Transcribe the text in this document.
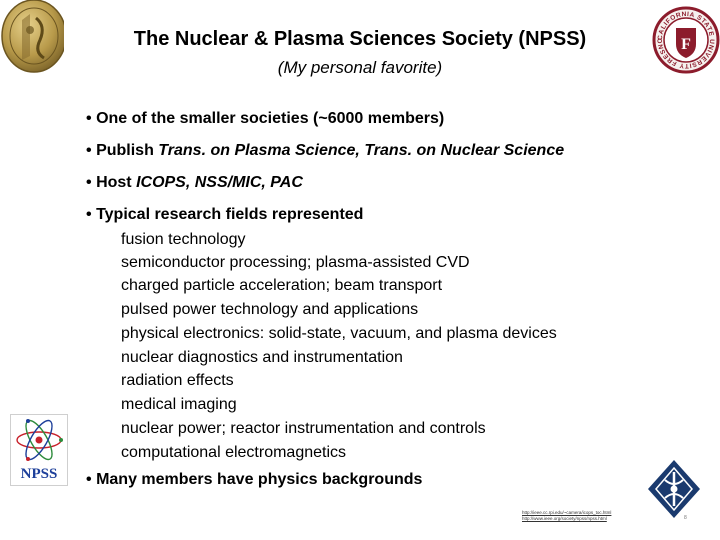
The Nuclear & Plasma Sciences Society (NPSS)
(My personal favorite)
CALIFORNIA STATE UNIVERSITY FRESNO	F
• One of the smaller societies (~6000 members)
• Publish Trans. on Plasma Science, Trans. on Nuclear Science
• Host ICOPS, NSS/MIC, PAC
• Typical research fields represented
fusion technology
semiconductor processing; plasma-assisted CVD
charged particle acceleration; beam transport
pulsed power technology and applications
physical electronics: solid-state, vacuum, and plasma devices
nuclear diagnostics and instrumentation
radiation effects
medical imaging
nuclear power; reactor instrumentation and controls
computational electromagnetics
• Many members have physics backgrounds
NPSS
http://ieee.cc.rpi.edu/~camera/icops_toc.html
http://www.ieee.org/society/npss/npss.html	8
